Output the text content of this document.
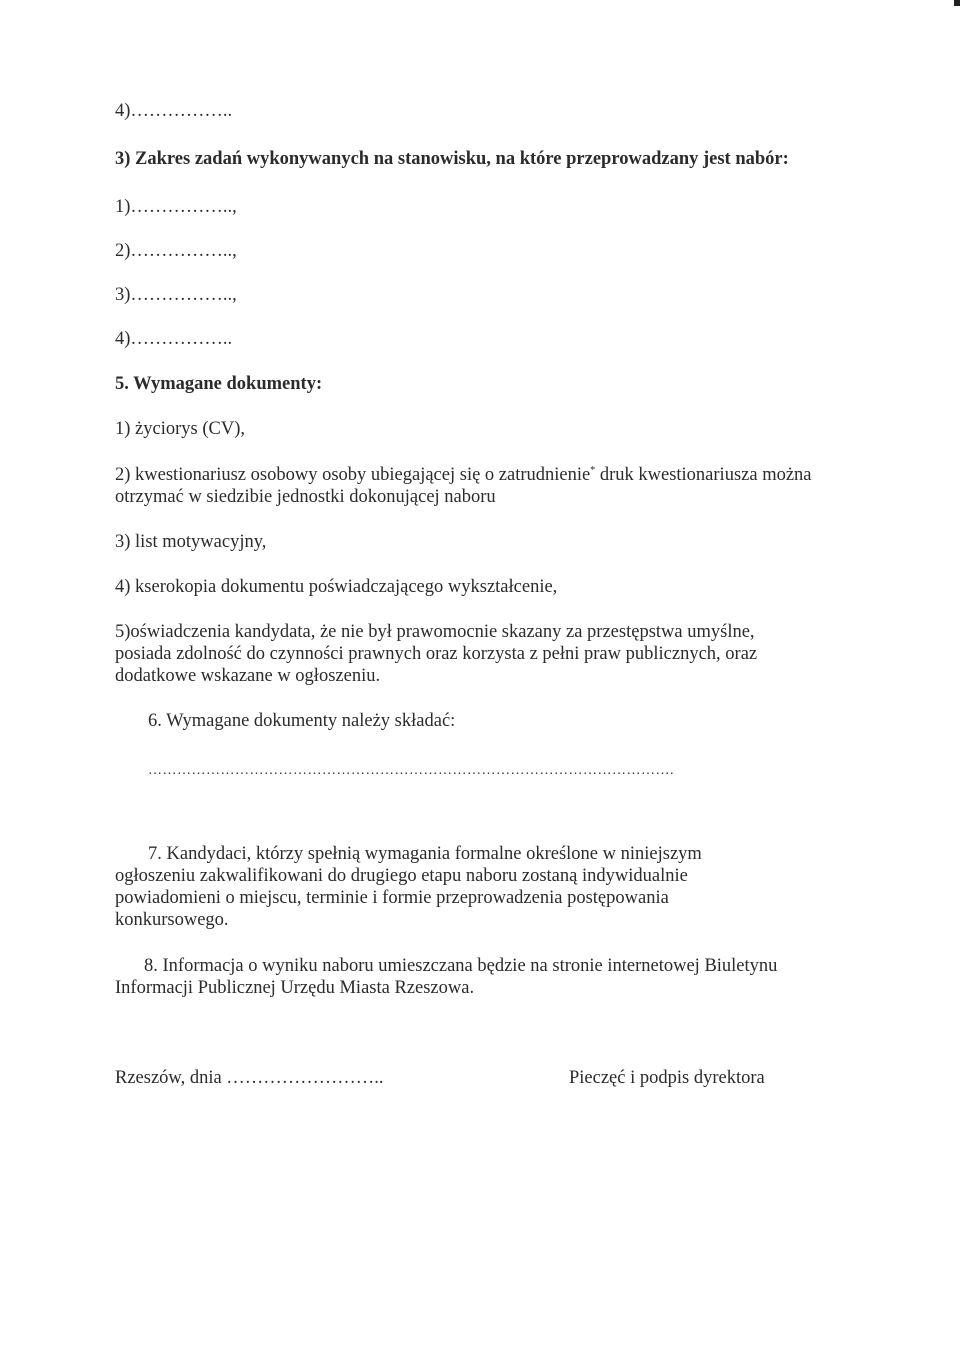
4)……………..

3) Zakres zadań wykonywanych na stanowisku, na które przeprowadzany jest nabór:

1)……………..,

2)……………..,

3)……………..,

4)……………..

5. Wymagane dokumenty:

1) życiorys (CV),

2) kwestionariusz osobowy osoby ubiegającej się o zatrudnienie* druk kwestionariusza można
otrzymać w siedzibie jednostki dokonującej naboru

3) list motywacyjny,

4) kserokopia dokumentu poświadczającego wykształcenie,

5)oświadczenia kandydata, że nie był prawomocnie skazany za przestępstwa umyślne,
posiada zdolność do czynności prawnych oraz korzysta z pełni praw publicznych, oraz
dodatkowe wskazane w ogłoszeniu.

6. Wymagane dokumenty należy składać:

……………………………………………………………………………………………….

7. Kandydaci, którzy spełnią wymagania formalne określone w niniejszym
ogłoszeniu zakwalifikowani do drugiego etapu naboru zostaną indywidualnie
powiadomieni o miejscu, terminie i formie przeprowadzenia postępowania
konkursowego.
8. Informacja o wyniku naboru umieszczana będzie na stronie internetowej Biuletynu
Informacji Publicznej Urzędu Miasta Rzeszowa.

Rzeszów, dnia ……………………..	Pieczęć i podpis dyrektora
